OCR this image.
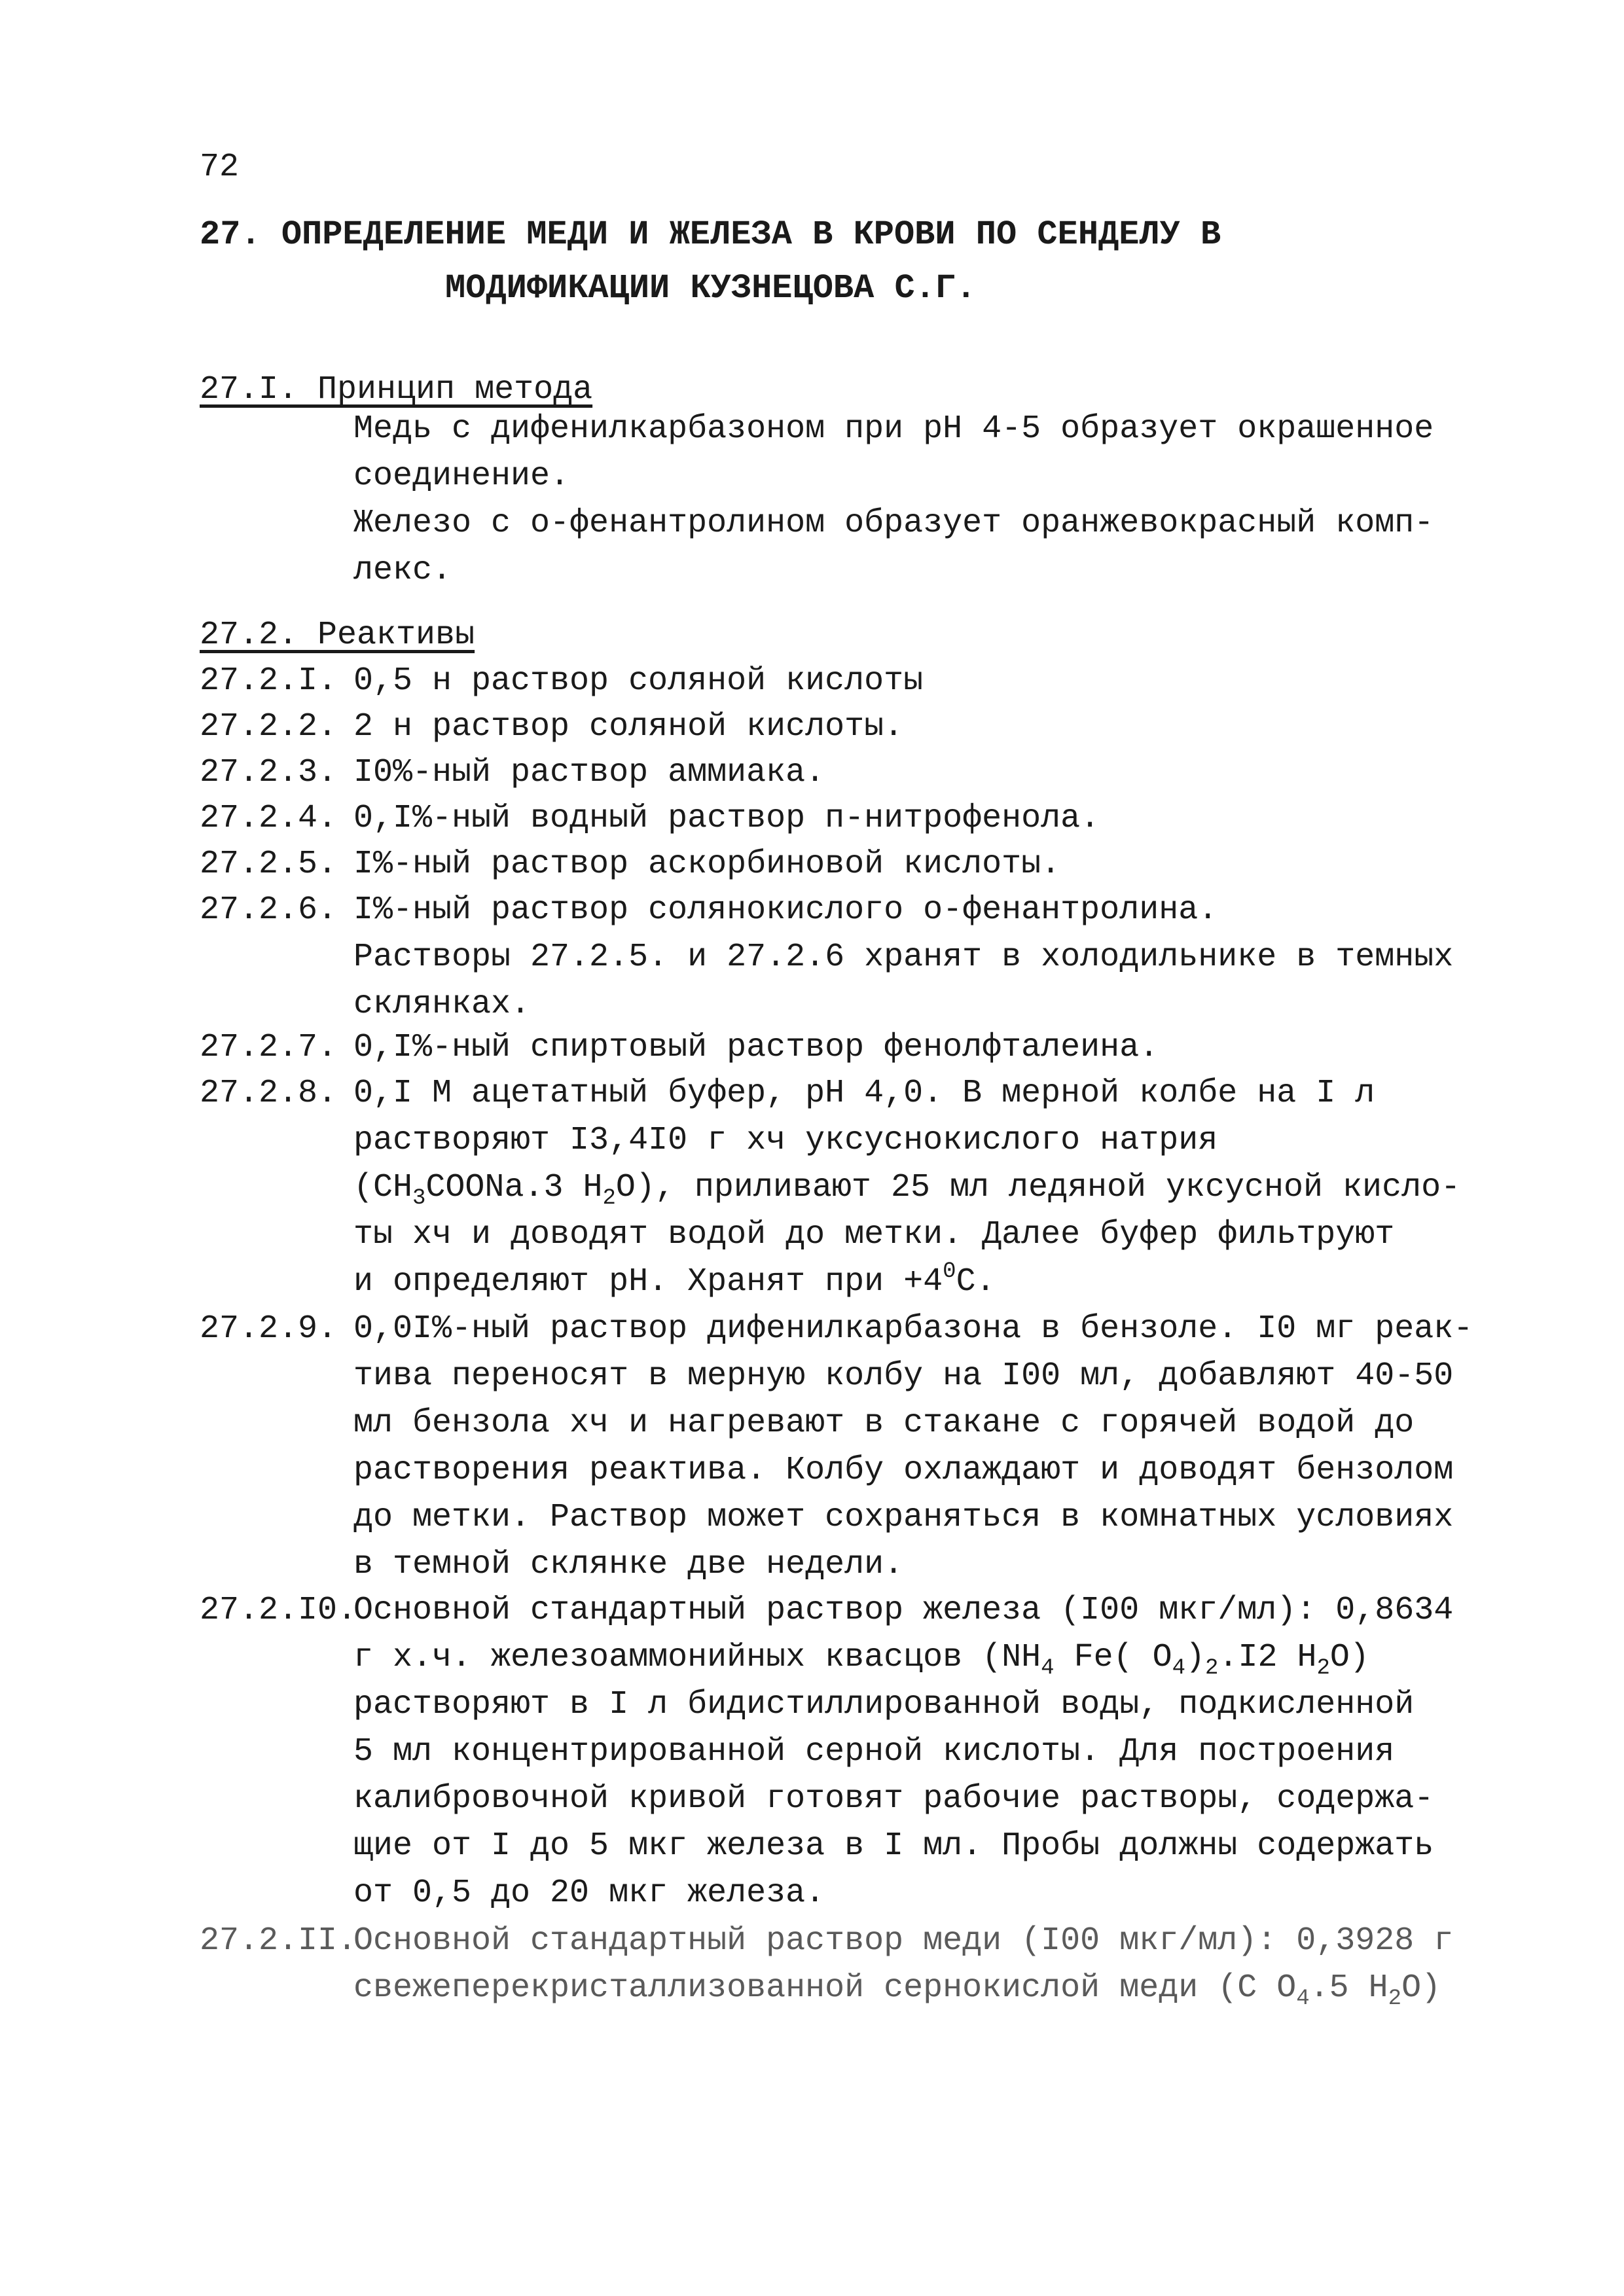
72
27. ОПРЕДЕЛЕНИЕ МЕДИ И ЖЕЛЕЗА В КРОВИ ПО СЕНДЕЛУ В
МОДИФИКАЦИИ КУЗНЕЦОВА С.Г.
27.I. Принцип метода
Медь с дифенилкарбазоном при рН 4-5 образует окрашенное
соединение.
Железо с о-фенантролином образует оранжевокрасный комп-
лекс.
27.2. Реактивы
27.2.I. 0,5 н раствор соляной кислоты
27.2.2. 2 н раствор соляной кислоты.
27.2.3. I0%-ный раствор аммиака.
27.2.4. 0,I%-ный водный раствор п-нитрофенола.
27.2.5. I%-ный раствор аскорбиновой кислоты.
27.2.6. I%-ный раствор солянокислого о-фенантролина.
Растворы 27.2.5. и 27.2.6 хранят в холодильнике в темных
склянках.
27.2.7. 0,I%-ный спиртовый раствор фенолфталеина.
27.2.8. 0,I М ацетатный буфер, рН 4,0. В мерной колбе на I л
растворяют I3,4I0 г хч уксуснокислого натрия
($CH_3COONa.3$ $H_2O$), приливают 25 мл ледяной уксусной кисло-
ты хч и доводят водой до метки. Далее буфер фильтруют
и определяют рН. Хранят при $+4^0С$.
27.2.9. 0,0I%-ный раствор дифенилкарбазона в бензоле. I0 мг реак-
тива переносят в мерную колбу на I00 мл, добавляют 40-50
мл бензола хч и нагревают в стакане с горячей водой до
растворения реактива. Колбу охлаждают и доводят бензолом
до метки. Раствор может сохраняться в комнатных условиях
в темной склянке две недели.
27.2.I0.Основной стандартный раствор железа (I00 мкг/мл): 0,8634
г х.ч. железоаммонийных квасцов ($NH_4$ Fe( $O_4)_2.I2$ $H_2O$)
растворяют в I л бидистиллированной воды, подкисленной
5 мл концентрированной серной кислоты. Для построения
калибровочной кривой готовят рабочие растворы, содержа-
щие от I до 5 мкг железа в I мл. Пробы должны содержать
от 0,5 до 20 мкг железа.
27.2.II.Основной стандартный раствор меди (I00 мкг/мл): 0,3928 г
свежеперекристаллизованной сернокислой меди (C $O_4.5$ $H_2O$)
